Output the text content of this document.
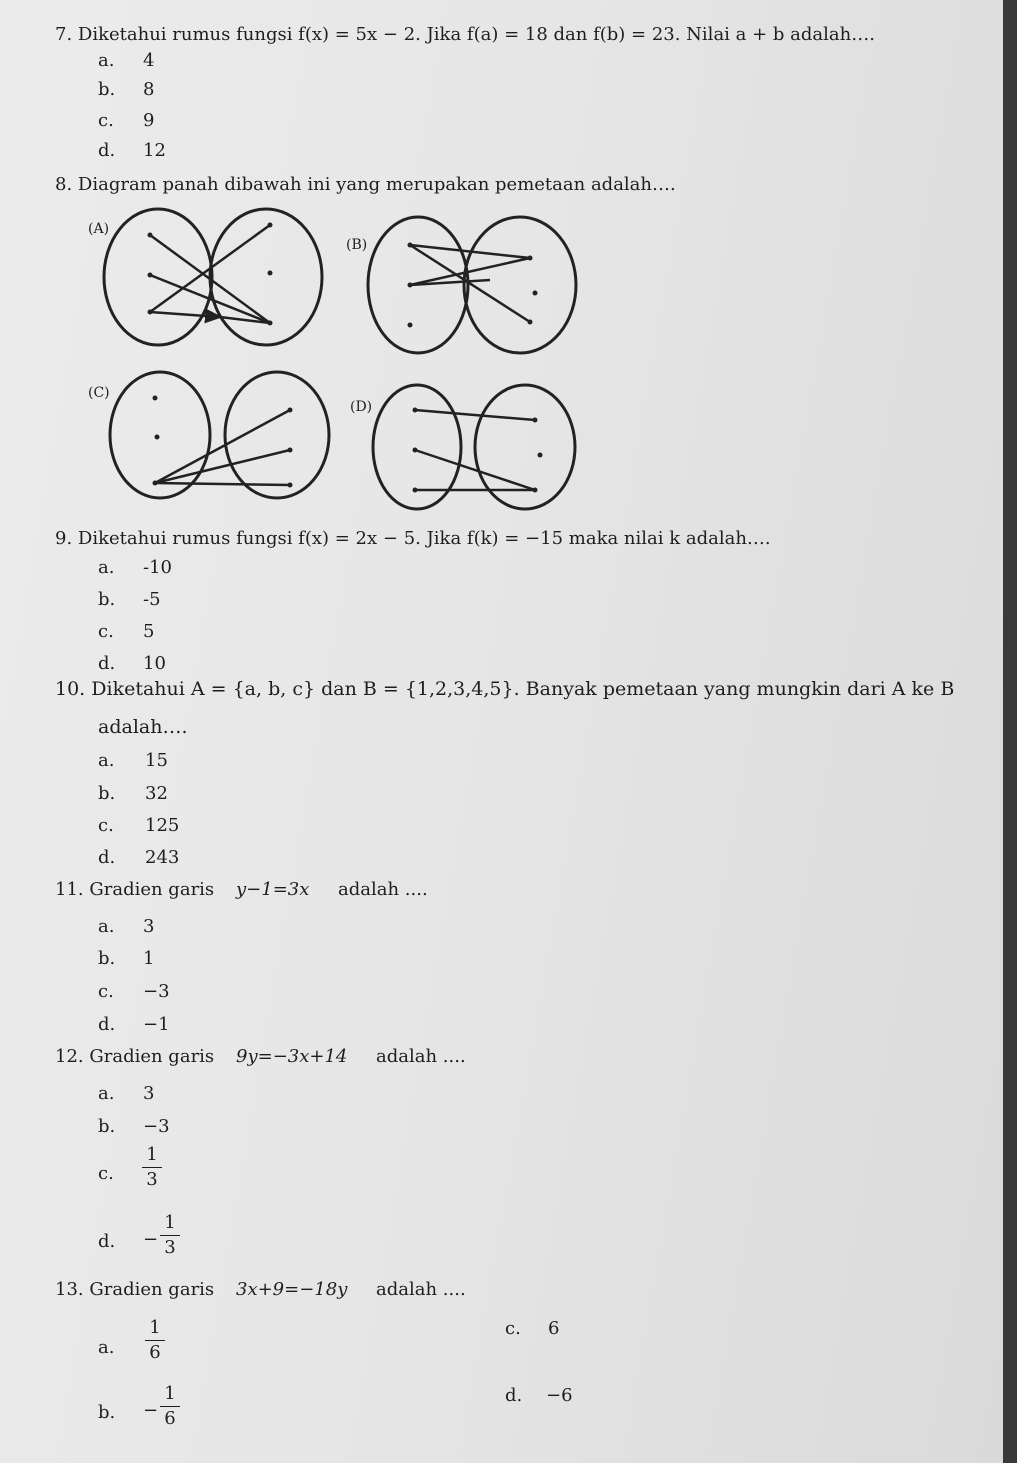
7. Diketahui rumus fungsi f(x) = 5x − 2. Jika f(a) = 18 dan f(b) = 23. Nilai a + b adalah….
a. 4
b. 8
c. 9
d. 12
8. Diagram panah dibawah ini yang merupakan pemetaan adalah….
(A)
(B)
(C)
(D)
9. Diketahui rumus fungsi f(x) = 2x − 5. Jika f(k) = −15 maka nilai k adalah….
a. -10
b. -5
c. 5
d. 10
10. Diketahui A = {a, b, c} dan B = {1,2,3,4,5}. Banyak pemetaan yang mungkin dari A ke B
adalah….
a. 15
b. 32
c. 125
d. 243
11. Gradien garis y−1=3x adalah ....
a. 3
b. 1
c. −3
d. −1
12. Gradien garis 9y=−3x+14 adalah ....
a. 3
b. −3
c.
1
3
d. −
1
3
13. Gradien garis 3x+9=−18y adalah ....
a.
1
6
b. −
1
6
c. 6
d. −6
